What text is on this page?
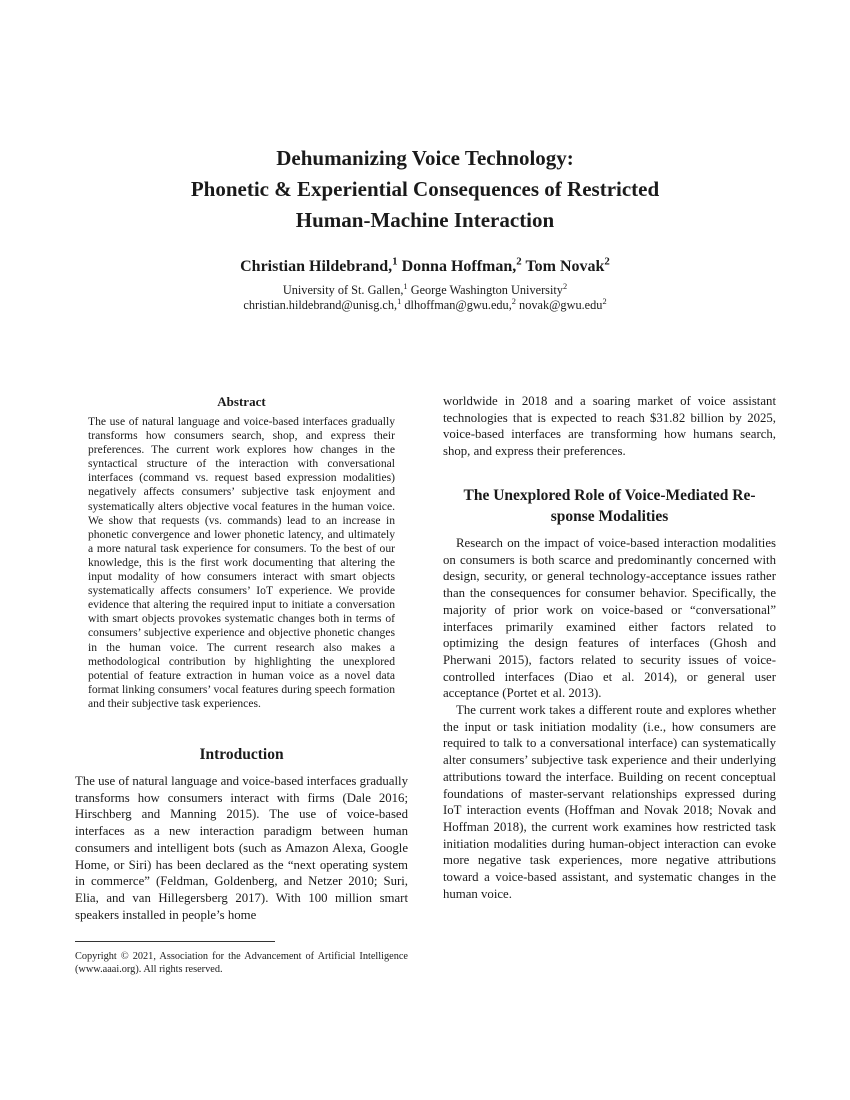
Dehumanizing Voice Technology:
Phonetic & Experiential Consequences of Restricted
Human-Machine Interaction
Christian Hildebrand,$^1$ Donna Hoffman,$^2$ Tom Novak$^2$
University of St. Gallen,$^1$ George Washington University$^2$
christian.hildebrand@unisg.ch,$^1$ dlhoffman@gwu.edu,$^2$ novak@gwu.edu$^2$
Abstract

The use of natural language and voice-based interfaces gradually transforms how consumers search, shop, and express their preferences. The current work explores how changes in the syntactical structure of the interaction with conversational interfaces (command vs. request based expression modalities) negatively affects consumers’ subjective task enjoyment and systematically alters objective vocal features in the human voice. We show that requests (vs. commands) lead to an increase in phonetic convergence and lower phonetic latency, and ultimately a more natural task experience for consumers. To the best of our knowledge, this is the first work documenting that altering the input modality of how consumers interact with smart objects systematically affects consumers’ IoT experience. We provide evidence that altering the required input to initiate a conversation with smart objects provokes systematic changes both in terms of consumers’ subjective experience and objective phonetic changes in the human voice. The current research also makes a methodological contribution by highlighting the unexplored potential of feature extraction in human voice as a novel data format linking consumers’ vocal features during speech formation and their subjective task experiences.

Introduction

The use of natural language and voice-based interfaces gradually transforms how consumers interact with firms (Dale 2016; Hirschberg and Manning 2015). The use of voice-based interfaces as a new interaction paradigm between human consumers and intelligent bots (such as Amazon Alexa, Google Home, or Siri) has been declared as the “next operating system in commerce” (Feldman, Goldenberg, and Netzer 2010; Suri, Elia, and van Hillegersberg 2017). With 100 million smart speakers installed in people’s home

worldwide in 2018 and a soaring market of voice assistant technologies that is expected to reach $31.82 billion by 2025, voice-based interfaces are transforming how humans search, shop, and express their preferences.

The Unexplored Role of Voice-Mediated Re-
sponse Modalities

Research on the impact of voice-based interaction modalities on consumers is both scarce and predominantly concerned with design, security, or general technology-acceptance issues rather than the consequences for consumer behavior. Specifically, the majority of prior work on voice-based or “conversational” interfaces primarily examined either factors related to optimizing the design features of interfaces (Ghosh and Pherwani 2015), factors related to security issues of voice-controlled interfaces (Diao et al. 2014), or general user acceptance (Portet et al. 2013).

The current work takes a different route and explores whether the input or task initiation modality (i.e., how consumers are required to talk to a conversational interface) can systematically alter consumers’ subjective task experience and their underlying attributions toward the interface. Building on recent conceptual foundations of master-servant relationships expressed during IoT interaction events (Hoffman and Novak 2018; Novak and Hoffman 2018), the current work examines how restricted task initiation modalities during human-object interaction can evoke more negative task experiences, more negative attributions toward a voice-based assistant, and systematic changes in the human voice.

Copyright © 2021, Association for the Advancement of Artificial Intelligence (www.aaai.org). All rights reserved.
